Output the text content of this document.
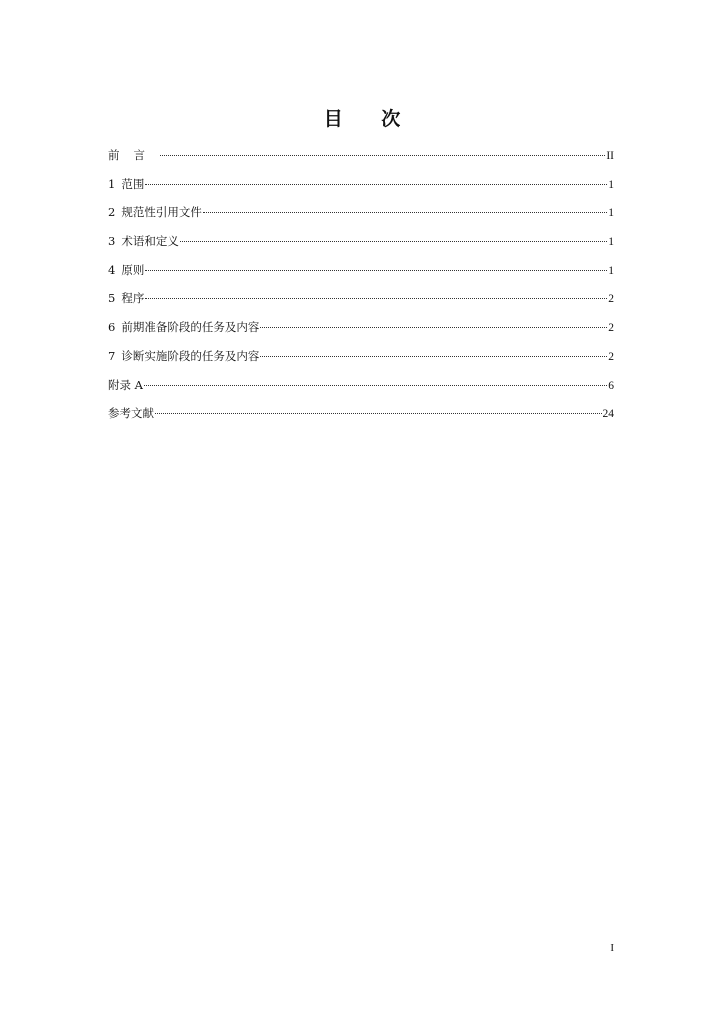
目 次
前言	II
1 范围	1
2 规范性引用文件	1
3 术语和定义	1
4 原则	1
5 程序	2
6 前期准备阶段的任务及内容	2
7 诊断实施阶段的任务及内容	2
附录 A	6
参考文献	24
I
